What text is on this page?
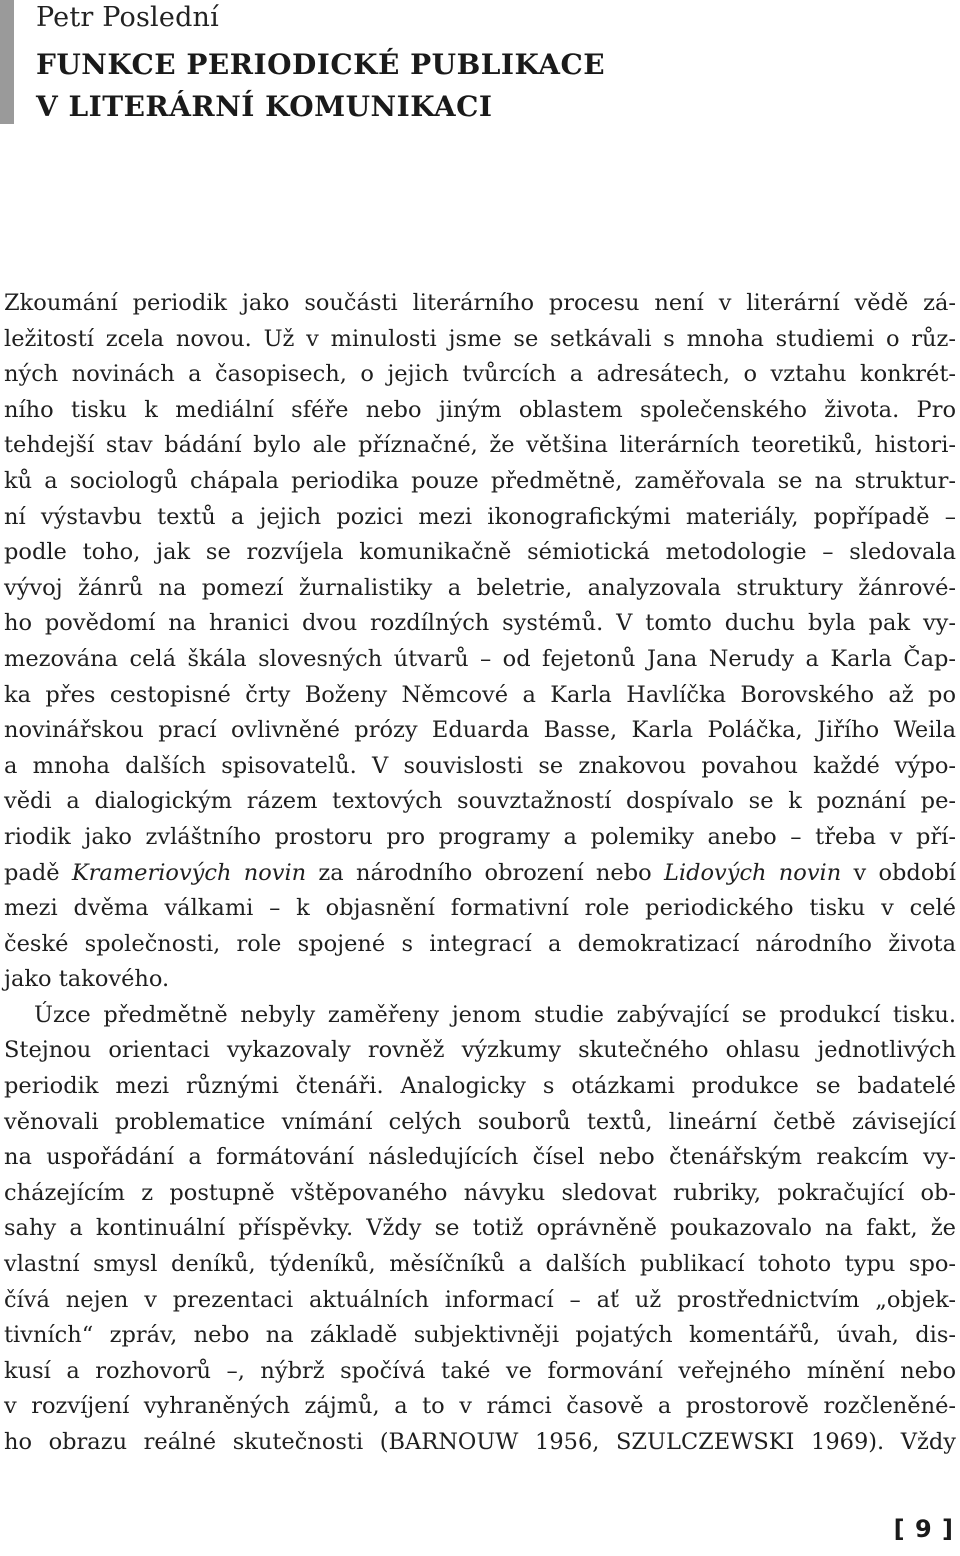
Petr Poslední
FUNKCE PERIODICKÉ PUBLIKACE
V LITERÁRNÍ KOMUNIKACI
Zkoumání periodik jako součásti literárního procesu není v literární vědě zá-
ležitostí zcela novou. Už v minulosti jsme se setkávali s mnoha studiemi o růz-
ných novinách a časopisech, o jejich tvůrcích a adresátech, o vztahu konkrét-
ního tisku k mediální sféře nebo jiným oblastem společenského života. Pro
tehdejší stav bádání bylo ale příznačné, že většina literárních teoretiků, histori-
ků a sociologů chápala periodika pouze předmětně, zaměřovala se na struktur-
ní výstavbu textů a jejich pozici mezi ikonografickými materiály, popřípadě –
podle toho, jak se rozvíjela komunikačně sémiotická metodologie – sledovala
vývoj žánrů na pomezí žurnalistiky a beletrie, analyzovala struktury žánrové-
ho povědomí na hranici dvou rozdílných systémů. V tomto duchu byla pak vy-
mezována celá škála slovesných útvarů – od fejetonů Jana Nerudy a Karla Čap-
ka přes cestopisné črty Boženy Němcové a Karla Havlíčka Borovského až po
novinářskou prací ovlivněné prózy Eduarda Basse, Karla Poláčka, Jiřího Weila
a mnoha dalších spisovatelů. V souvislosti se znakovou povahou každé výpo-
vědi a dialogickým rázem textových souvztažností dospívalo se k poznání pe-
riodik jako zvláštního prostoru pro programy a polemiky anebo – třeba v pří-
padě Krameriových novin za národního obrození nebo Lidových novin v období
mezi dvěma válkami – k objasnění formativní role periodického tisku v celé
české společnosti, role spojené s integrací a demokratizací národního života
jako takového.
Úzce předmětně nebyly zaměřeny jenom studie zabývající se produkcí tisku.
Stejnou orientaci vykazovaly rovněž výzkumy skutečného ohlasu jednotlivých
periodik mezi různými čtenáři. Analogicky s otázkami produkce se badatelé
věnovali problematice vnímání celých souborů textů, lineární četbě závisející
na uspořádání a formátování následujících čísel nebo čtenářským reakcím vy-
cházejícím z postupně vštěpovaného návyku sledovat rubriky, pokračující ob-
sahy a kontinuální příspěvky. Vždy se totiž oprávněně poukazovalo na fakt, že
vlastní smysl deníků, týdeníků, měsíčníků a dalších publikací tohoto typu spo-
čívá nejen v prezentaci aktuálních informací – ať už prostřednictvím „objek-
tivních“ zpráv, nebo na základě subjektivněji pojatých komentářů, úvah, dis-
kusí a rozhovorů –, nýbrž spočívá také ve formování veřejného mínění nebo
v rozvíjení vyhraněných zájmů, a to v rámci časově a prostorově rozčleněné-
ho obrazu reálné skutečnosti (BARNOUW 1956, SZULCZEWSKI 1969). Vždy
[ 9 ]
